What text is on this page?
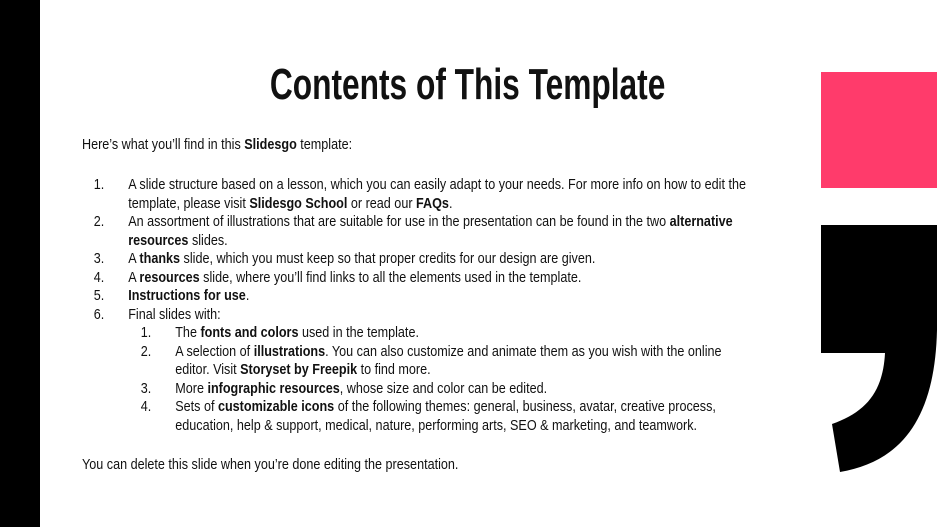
Contents of This Template
Here’s what you’ll find in this Slidesgo template:
1. A slide structure based on a lesson, which you can easily adapt to your needs. For more info on how to edit the
template, please visit Slidesgo School or read our FAQs.
2. An assortment of illustrations that are suitable for use in the presentation can be found in the two alternative
resources slides.
3. A thanks slide, which you must keep so that proper credits for our design are given.
4. A resources slide, where you’ll find links to all the elements used in the template.
5. Instructions for use.
6. Final slides with:
1. The fonts and colors used in the template.
2. A selection of illustrations. You can also customize and animate them as you wish with the online
editor. Visit Storyset by Freepik to find more.
3. More infographic resources, whose size and color can be edited.
4. Sets of customizable icons of the following themes: general, business, avatar, creative process,
education, help & support, medical, nature, performing arts, SEO & marketing, and teamwork.
You can delete this slide when you’re done editing the presentation.
